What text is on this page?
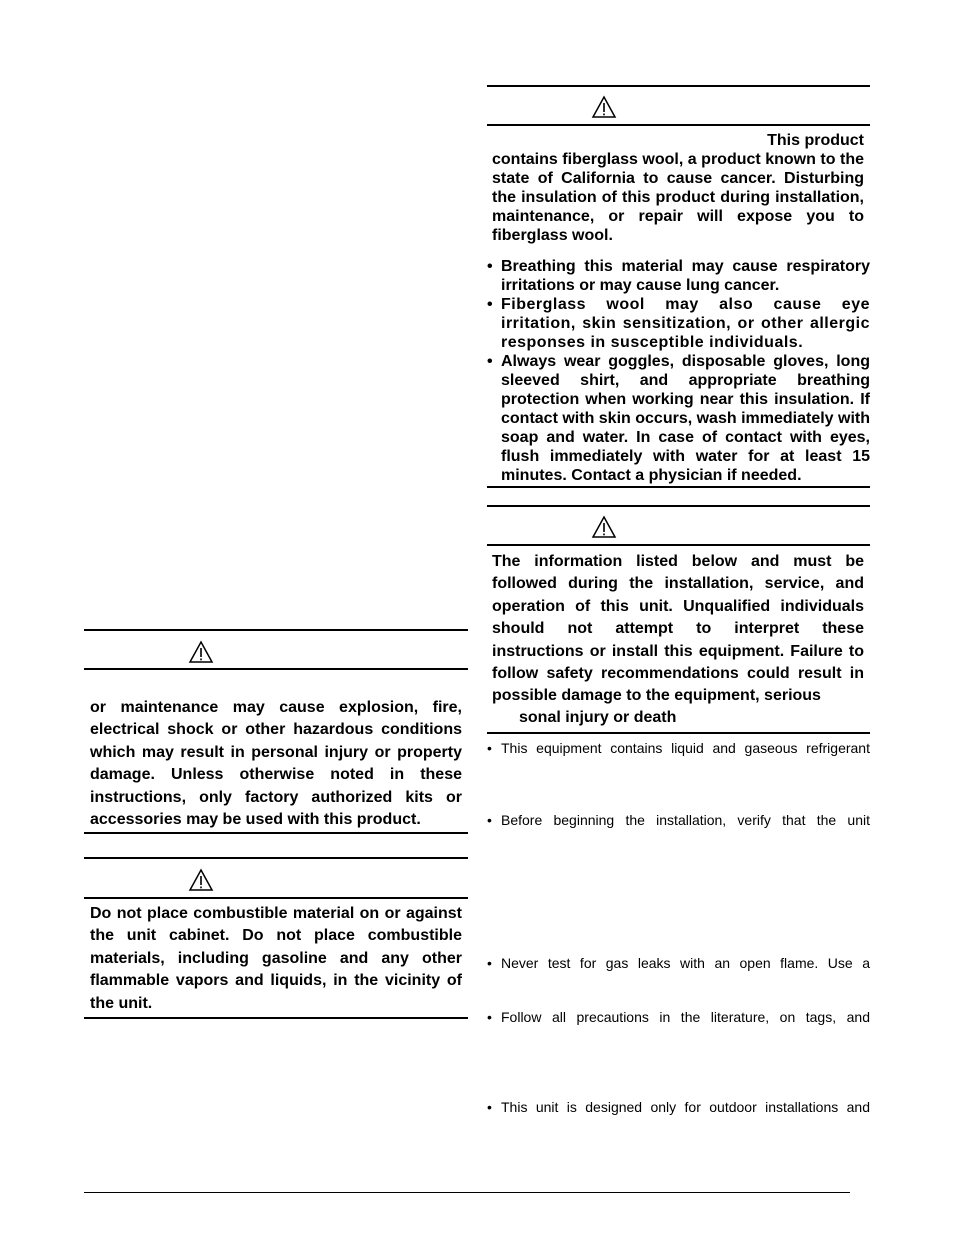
This product

contains fiberglass wool, a product known to the state of California to cause cancer. Disturbing the insulation of this product during installation, maintenance, or repair will expose you to fiberglass wool.

• Breathing this material may cause respiratory irritations or may cause lung cancer.
• Fiberglass wool may also cause eye irritation, skin sensitization, or other allergic responses in susceptible individuals.
• Always wear goggles, disposable gloves, long sleeved shirt, and appropriate breathing protection when working near this insulation. If contact with skin occurs, wash immediately with soap and water. In case of contact with eyes, flush immediately with water for at least 15 minutes. Contact a physician if needed.

The information listed below and must be followed during the installation, service, and operation of this unit. Unqualified individuals should not attempt to interpret these instructions or install this equipment. Failure to follow safety recommendations could result in possible damage to the equipment, serious

sonal injury or death
• This equipment contains liquid and gaseous refrigerant
• Before beginning the installation, verify that the unit
• Never test for gas leaks with an open flame. Use a
• Follow all precautions in the literature, on tags, and
• This unit is designed only for outdoor installations and

or maintenance may cause explosion, fire, electrical shock or other hazardous conditions which may result in personal injury or property damage. Unless otherwise noted in these instructions, only factory authorized kits or accessories may be used with this product.

Do not place combustible material on or against the unit cabinet. Do not place combustible materials, including gasoline and any other flammable vapors and liquids, in the vicinity of the unit.
